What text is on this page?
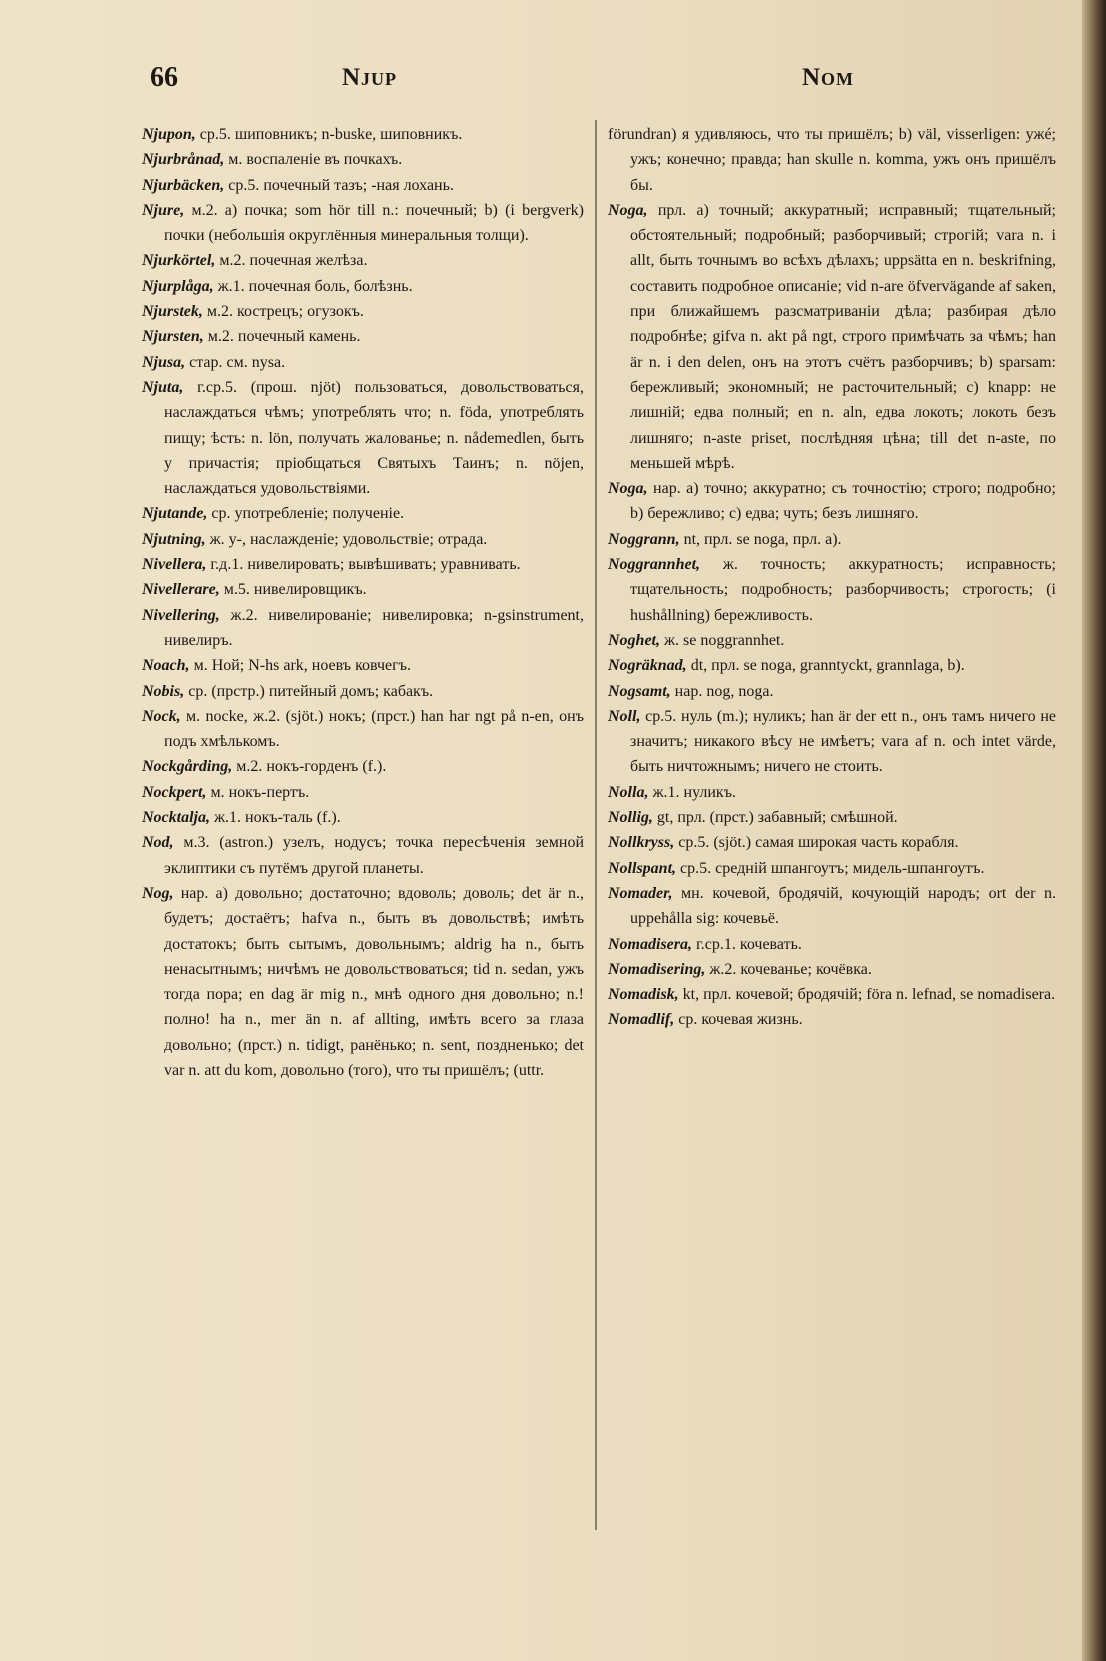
66	Njup	Nom

Njupon, ср.5. шиповникъ; n-buske, шиповникъ.

Njurbrånad, м. воспаленіе въ почкахъ.

Njurbäcken, ср.5. почечный тазъ; -ная лохань.

Njure, м.2. а) почка; som hör till n.: почечный; b) (i bergverk) почки (небольшія округлённыя минеральныя толщи).

Njurkörtel, м.2. почечная желѣза.

Njurplåga, ж.1. почечная боль, болѣзнь.

Njurstek, м.2. кострецъ; огузокъ.

Njursten, м.2. почечный камень.

Njusa, стар. см. nysa.

Njuta, г.ср.5. (прош. njöt) пользоваться, довольствоваться, наслаждаться чѣмъ; употреблять что; n. föda, употреблять пищу; ѣсть: n. lön, получать жалованье; n. nådemedlen, быть у причастія; пріобщаться Святыхъ Таинъ; n. nöjen, наслаждаться удовольствіями.

Njutande, ср. употребленіе; полученіе.

Njutning, ж. у-, наслажденіе; удовольствіе; отрада.

Nivellera, г.д.1. нивелировать; вывѣшивать; уравнивать.

Nivellerare, м.5. нивелировщикъ.

Nivellering, ж.2. нивелированіе; нивелировка; n-gsinstrument, нивелиръ.

Noach, м. Ной; N-hs ark, ноевъ ковчегъ.

Nobis, ср. (прстр.) питейный домъ; кабакъ.

Nock, м. nocke, ж.2. (sjöt.) нокъ; (прст.) han har ngt på n-en, онъ подъ хмѣлькомъ.

Nockgårding, м.2. нокъ-горденъ (f.).

Nockpert, м. нокъ-пертъ.

Nocktalja, ж.1. нокъ-таль (f.).

Nod, м.3. (astron.) узелъ, нодусъ; точка пересѣченія земной эклиптики съ путёмъ другой планеты.

Nog, нар. а) довольно; достаточно; вдоволь; доволь; det är n., будетъ; достаётъ; hafva n., быть въ довольствѣ; имѣть достатокъ; быть сытымъ, довольнымъ; aldrig ha n., быть ненасытнымъ; ничѣмъ не довольствоваться; tid n. sedan, ужъ тогда пора; en dag är mig n., мнѣ одного дня довольно; n.! полно! ha n., mer än n. af allting, имѣть всего за глаза довольно; (прст.) n. tidigt, ранёнько; n. sent, поздненько; det var n. att du kom, довольно (того), что ты пришёлъ; (uttr.

förundran) я удивляюсь, что ты пришёлъ; b) väl, visserligen: ужé; ужъ; конечно; правда; han skulle n. komma, ужъ онъ пришёлъ бы.

Noga, прл. а) точный; аккуратный; исправный; тщательный; обстоятельный; подробный; разборчивый; строгій; vara n. i allt, быть точнымъ во всѣхъ дѣлахъ; uppsätta en n. beskrifning, составить подробное описаніе; vid n-are öfvervägande af saken, при ближайшемъ разсматриваніи дѣла; разбирая дѣло подробнѣе; gifva n. akt på ngt, строго примѣчать за чѣмъ; han är n. i den delen, онъ на этотъ счётъ разборчивъ; b) sparsam: бережливый; экономный; не расточительный; c) knapp: не лишній; едва полный; en n. aln, едва локоть; локоть безъ лишняго; n-aste priset, послѣдняя цѣна; till det n-aste, по меньшей мѣрѣ.

Noga, нар. а) точно; аккуратно; съ точностію; строго; подробно; b) бережливо; c) едва; чуть; безъ лишняго.

Noggrann, nt, прл. se noga, прл. a).

Noggrannhet, ж. точность; аккуратность; исправность; тщательность; подробность; разборчивость; строгость; (i hushållning) бережливость.

Noghet, ж. se noggrannhet.

Nogräknad, dt, прл. se noga, granntyckt, grannlaga, b).

Nogsamt, нар. nog, noga.

Noll, ср.5. нуль (m.); нуликъ; han är der ett n., онъ тамъ ничего не значитъ; никакого вѣсу не имѣетъ; vara af n. och intet värde, быть ничтожнымъ; ничего не стоить.

Nolla, ж.1. нуликъ.

Nollig, gt, прл. (прст.) забавный; смѣшной.

Nollkryss, ср.5. (sjöt.) самая широкая часть корабля.

Nollspant, ср.5. средній шпангоутъ; мидель-шпангоутъ.

Nomader, мн. кочевой, бродячій, кочующій народъ; ort der n. uppehålla sig: кочевьё.

Nomadisera, г.ср.1. кочевать.

Nomadisering, ж.2. кочеванье; кочёвка.

Nomadisk, kt, прл. кочевой; бродячій; föra n. lefnad, se nomadisera.

Nomadlif, ср. кочевая жизнь.
